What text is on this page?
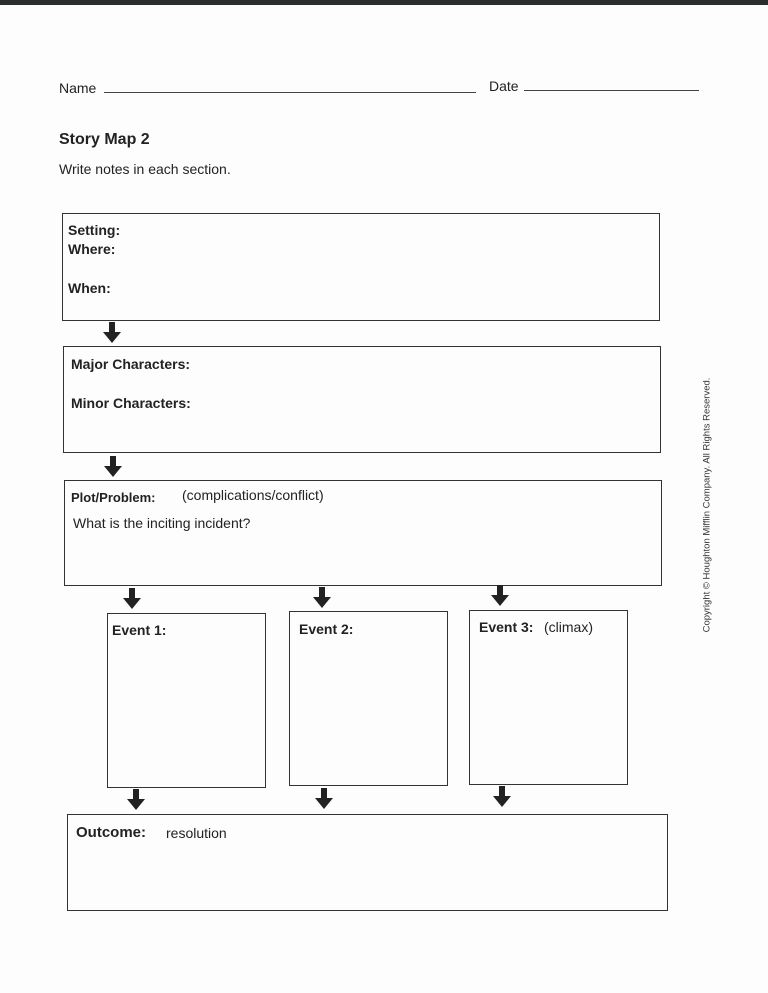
Name	Date
Story Map 2
Write notes in each section.
Setting:
Where:
When:
Major Characters:
Minor Characters:
Plot/Problem: (complications/conflict)
What is the inciting incident?
Event 1:	Event 2:	Event 3: (climax)
Outcome: resolution
Copyright © Houghton Mifflin Company. All Rights Reserved.
